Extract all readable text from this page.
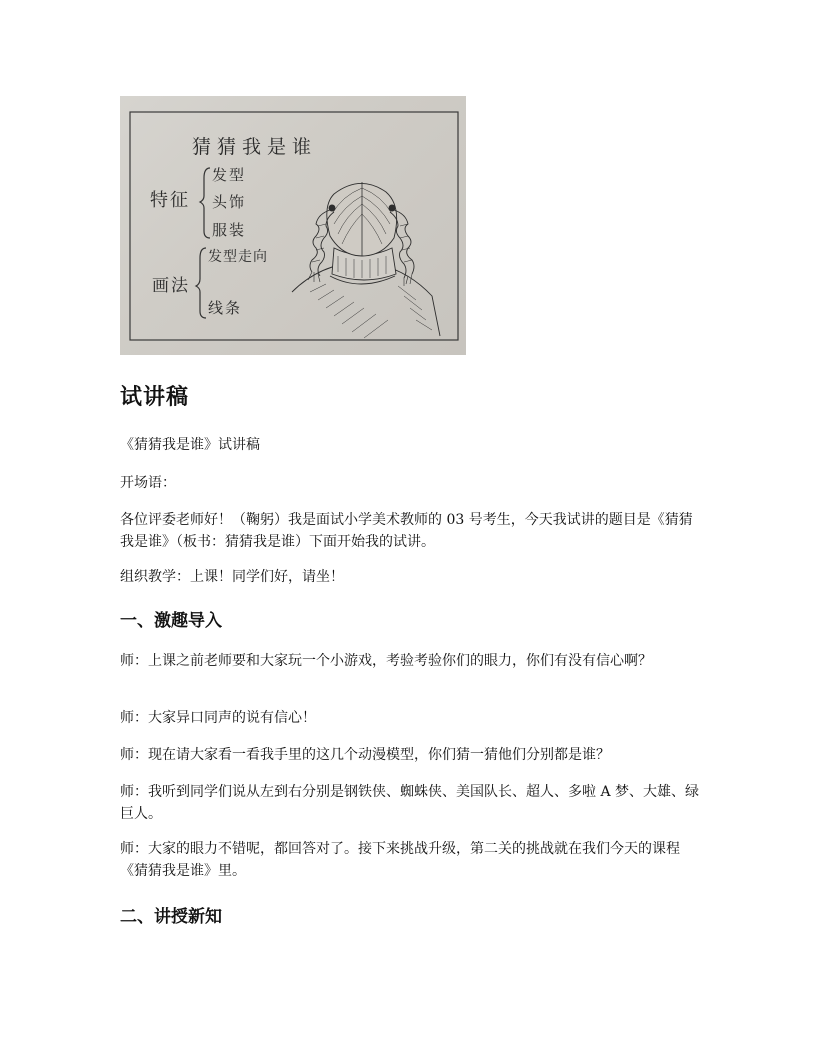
猜猜我是谁
特征
发型
头饰
服装
画法
发型走向
线条
试讲稿

《猜猜我是谁》试讲稿

开场语：

各位评委老师好！（鞠躬）我是面试小学美术教师的 03 号考生，今天我试讲的题目是《猜猜我是谁》（板书：猜猜我是谁）下面开始我的试讲。

组织教学：上课！同学们好，请坐！

一、激趣导入

师：上课之前老师要和大家玩一个小游戏，考验考验你们的眼力，你们有没有信心啊？

师：大家异口同声的说有信心！

师：现在请大家看一看我手里的这几个动漫模型，你们猜一猜他们分别都是谁？

师：我听到同学们说从左到右分别是钢铁侠、蜘蛛侠、美国队长、超人、多啦 A 梦、大雄、绿巨人。

师：大家的眼力不错呢，都回答对了。接下来挑战升级，第二关的挑战就在我们今天的课程《猜猜我是谁》里。

二、讲授新知
